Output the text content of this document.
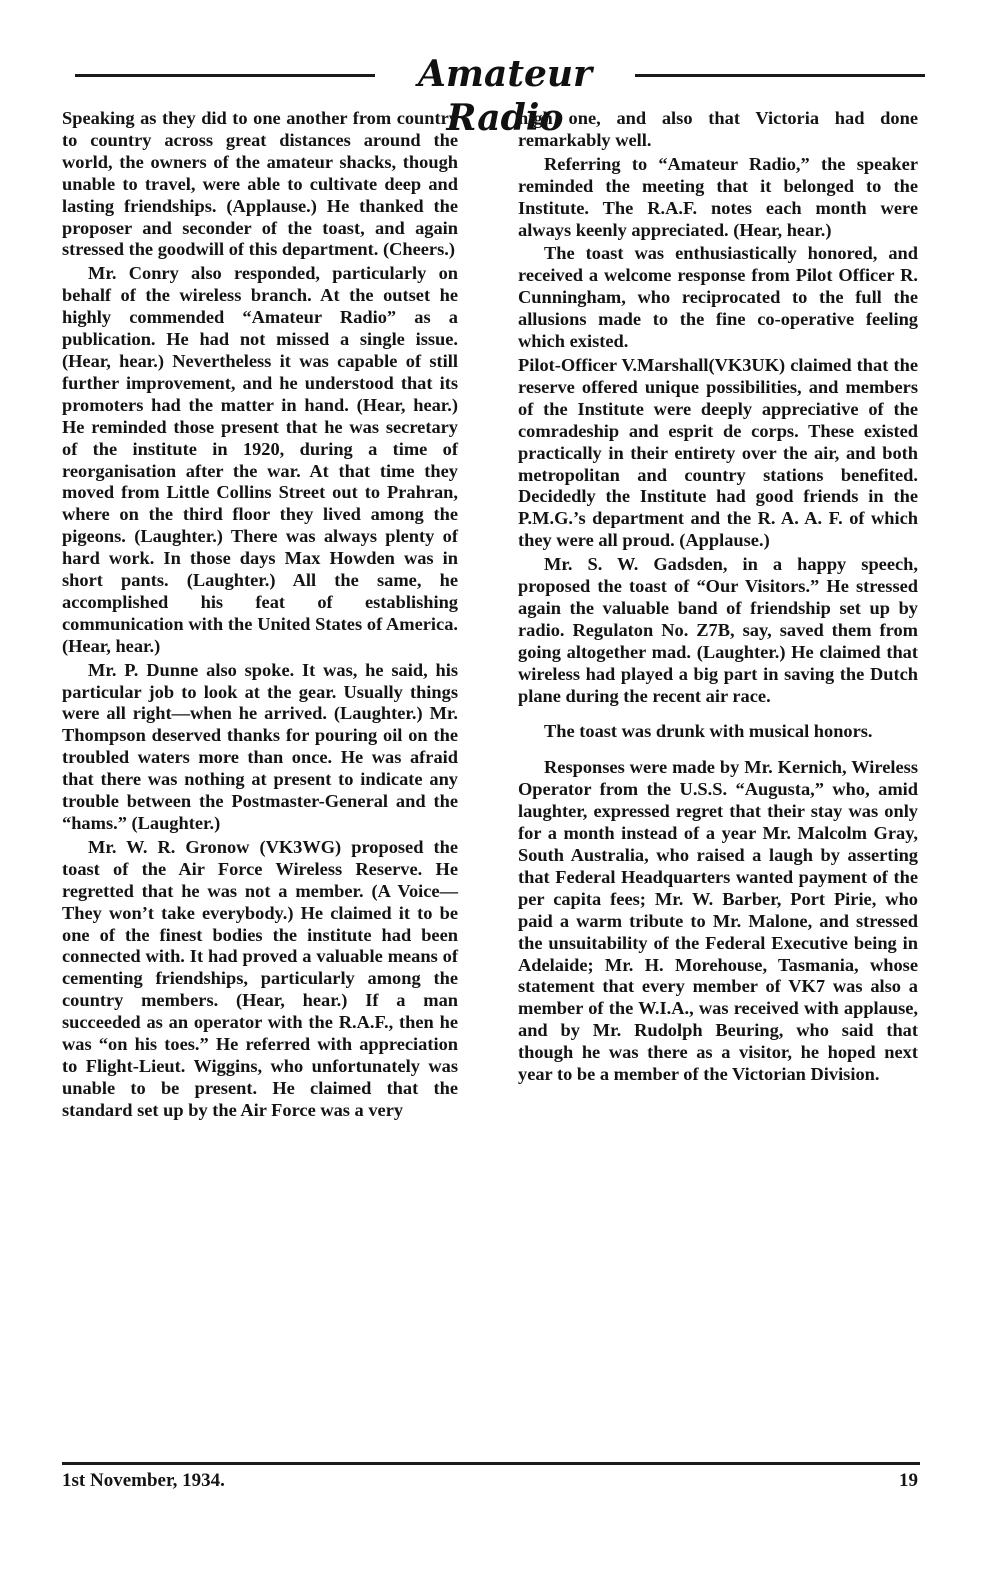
Amateur Radio

Speaking as they did to one another from country to country across great distances around the world, the owners of the amateur shacks, though unable to travel, were able to cultivate deep and lasting friendships. (Applause.) He thanked the proposer and seconder of the toast, and again stressed the goodwill of this department. (Cheers.)

Mr. Conry also responded, particularly on behalf of the wireless branch. At the outset he highly commended “Amateur Radio” as a publication. He had not missed a single issue. (Hear, hear.) Nevertheless it was capable of still further improvement, and he understood that its promoters had the matter in hand. (Hear, hear.) He reminded those present that he was secretary of the institute in 1920, during a time of reorganisation after the war. At that time they moved from Little Collins Street out to Prahran, where on the third floor they lived among the pigeons. (Laughter.) There was always plenty of hard work. In those days Max Howden was in short pants. (Laughter.) All the same, he accomplished his feat of establishing communication with the United States of America. (Hear, hear.)

Mr. P. Dunne also spoke. It was, he said, his particular job to look at the gear. Usually things were all right—when he arrived. (Laughter.) Mr. Thompson deserved thanks for pouring oil on the troubled waters more than once. He was afraid that there was nothing at present to indicate any trouble between the Postmaster-General and the “hams.” (Laughter.)

Mr. W. R. Gronow (VK3WG) proposed the toast of the Air Force Wireless Reserve. He regretted that he was not a member. (A Voice—They won’t take everybody.) He claimed it to be one of the finest bodies the institute had been connected with. It had proved a valuable means of cementing friendships, particularly among the country members. (Hear, hear.) If a man succeeded as an operator with the R.A.F., then he was “on his toes.” He referred with appreciation to Flight-Lieut. Wiggins, who unfortunately was unable to be present. He claimed that the standard set up by the Air Force was a very

high one, and also that Victoria had done remarkably well.

Referring to “Amateur Radio,” the speaker reminded the meeting that it belonged to the Institute. The R.A.F. notes each month were always keenly appreciated. (Hear, hear.)

The toast was enthusiastically honored, and received a welcome response from Pilot Officer R. Cunningham, who reciprocated to the full the allusions made to the fine co-operative feeling which existed.

Pilot-Officer V.Marshall(VK3UK) claimed that the reserve offered unique possibilities, and members of the Institute were deeply appreciative of the comradeship and esprit de corps. These existed practically in their entirety over the air, and both metropolitan and country stations benefited. Decidedly the Institute had good friends in the P.M.G.’s department and the R. A. A. F. of which they were all proud. (Applause.)

Mr. S. W. Gadsden, in a happy speech, proposed the toast of “Our Visitors.” He stressed again the valuable band of friendship set up by radio. Regulaton No. Z7B, say, saved them from going altogether mad. (Laughter.) He claimed that wireless had played a big part in saving the Dutch plane during the recent air race.

The toast was drunk with musical honors.

Responses were made by Mr. Kernich, Wireless Operator from the U.S.S. “Augusta,” who, amid laughter, expressed regret that their stay was only for a month instead of a year Mr. Malcolm Gray, South Australia, who raised a laugh by asserting that Federal Headquarters wanted payment of the per capita fees; Mr. W. Barber, Port Pirie, who paid a warm tribute to Mr. Malone, and stressed the unsuitability of the Federal Executive being in Adelaide; Mr. H. Morehouse, Tasmania, whose statement that every member of VK7 was also a member of the W.I.A., was received with applause, and by Mr. Rudolph Beuring, who said that though he was there as a visitor, he hoped next year to be a member of the Victorian Division.

1st November, 1934.	19
